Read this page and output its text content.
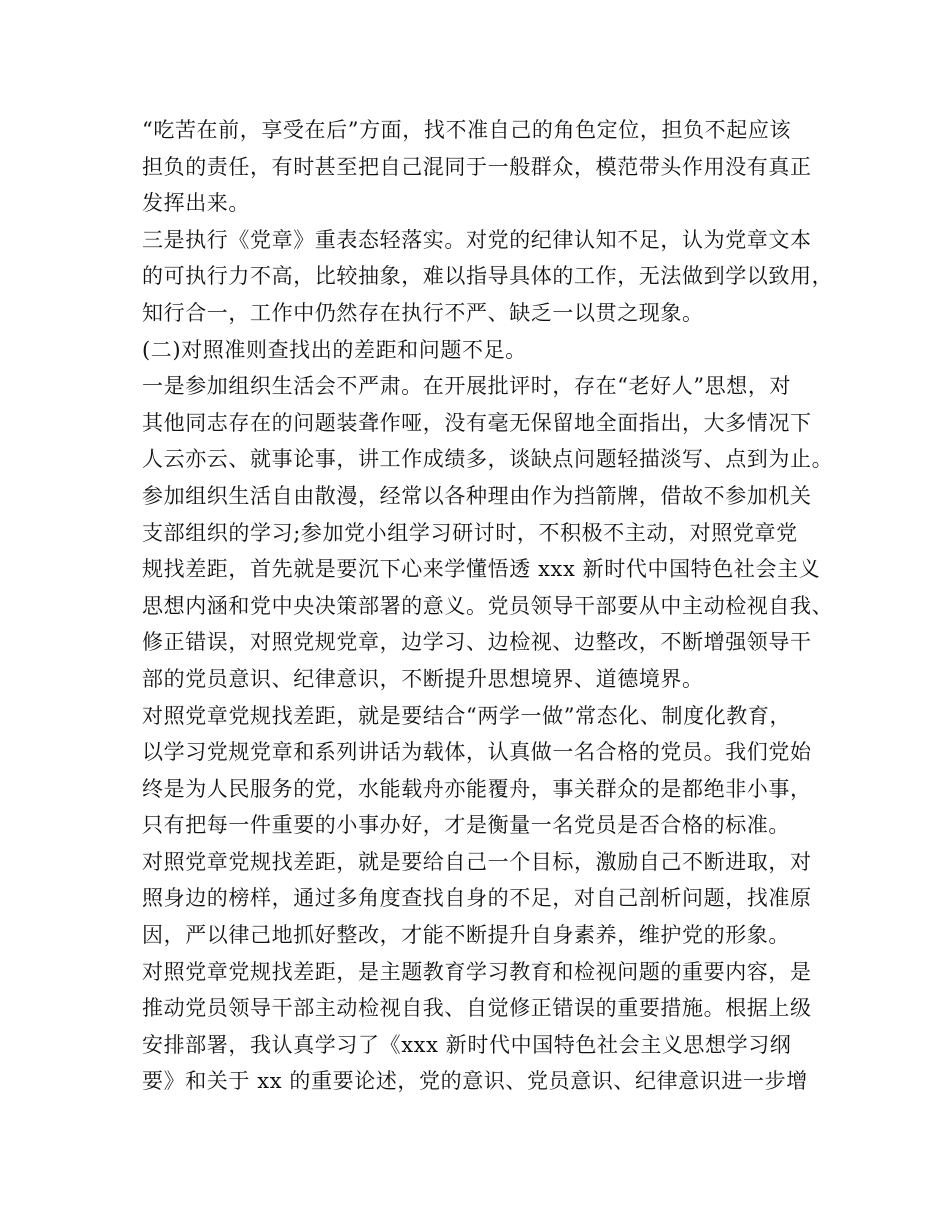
“吃苦在前，享受在后”方面，找不准自己的角色定位，担负不起应该
担负的责任，有时甚至把自己混同于一般群众，模范带头作用没有真正
发挥出来。
三是执行《党章》重表态轻落实。对党的纪律认知不足，认为党章文本
的可执行力不高，比较抽象，难以指导具体的工作，无法做到学以致用，
知行合一，工作中仍然存在执行不严、缺乏一以贯之现象。
(二)对照准则查找出的差距和问题不足。
一是参加组织生活会不严肃。在开展批评时，存在“老好人”思想，对
其他同志存在的问题装聋作哑，没有毫无保留地全面指出，大多情况下
人云亦云、就事论事，讲工作成绩多，谈缺点问题轻描淡写、点到为止。
参加组织生活自由散漫，经常以各种理由作为挡箭牌，借故不参加机关
支部组织的学习;参加党小组学习研讨时，不积极不主动，对照党章党
规找差距，首先就是要沉下心来学懂悟透 xxx 新时代中国特色社会主义
思想内涵和党中央决策部署的意义。党员领导干部要从中主动检视自我、
修正错误，对照党规党章，边学习、边检视、边整改，不断增强领导干
部的党员意识、纪律意识，不断提升思想境界、道德境界。
对照党章党规找差距，就是要结合“两学一做”常态化、制度化教育，
以学习党规党章和系列讲话为载体，认真做一名合格的党员。我们党始
终是为人民服务的党，水能载舟亦能覆舟，事关群众的是都绝非小事，
只有把每一件重要的小事办好，才是衡量一名党员是否合格的标准。
对照党章党规找差距，就是要给自己一个目标，激励自己不断进取，对
照身边的榜样，通过多角度查找自身的不足，对自己剖析问题，找准原
因，严以律己地抓好整改，才能不断提升自身素养，维护党的形象。
对照党章党规找差距，是主题教育学习教育和检视问题的重要内容，是
推动党员领导干部主动检视自我、自觉修正错误的重要措施。根据上级
安排部署，我认真学习了《xxx 新时代中国特色社会主义思想学习纲
要》和关于 xx 的重要论述，党的意识、党员意识、纪律意识进一步增
